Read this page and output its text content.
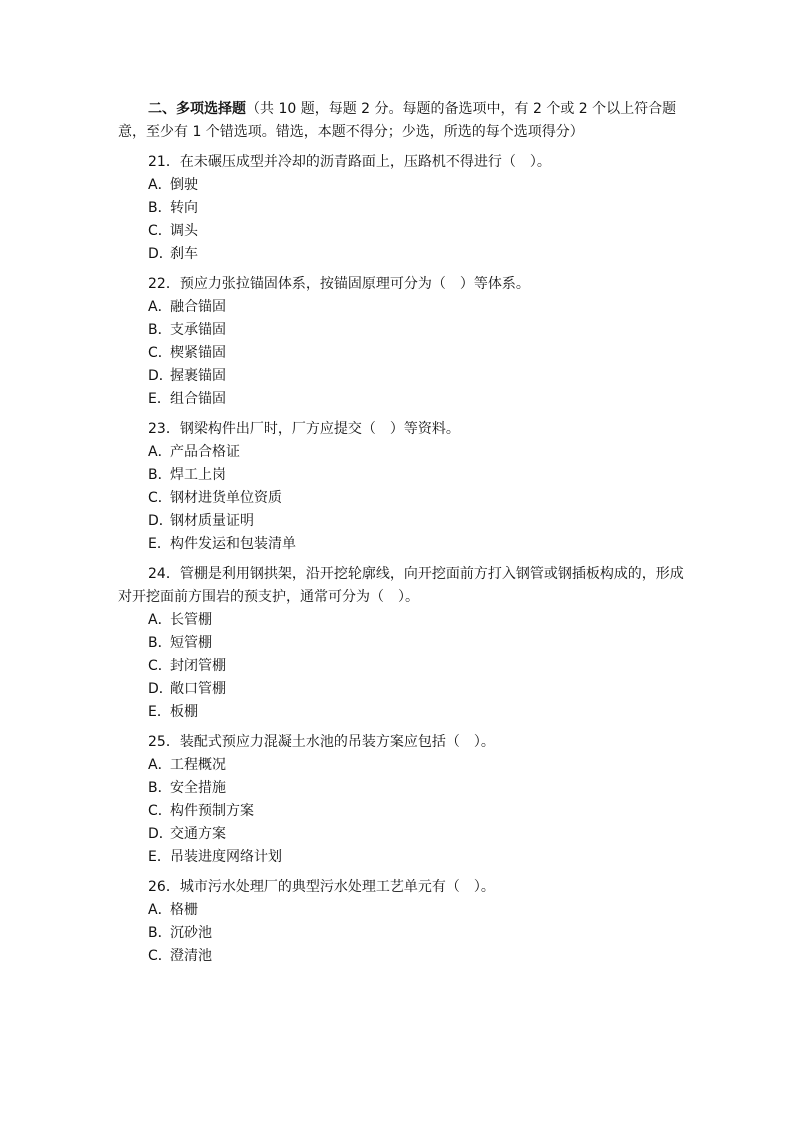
二、多项选择题（共 10 题，每题 2 分。每题的备选项中，有 2 个或 2 个以上符合题意，至少有 1 个错选项。错选，本题不得分；少选，所选的每个选项得分）
21．在未碾压成型并冷却的沥青路面上，压路机不得进行（　）。
A．倒驶
B．转向
C．调头
D．刹车
22．预应力张拉锚固体系，按锚固原理可分为（　）等体系。
A．融合锚固
B．支承锚固
C．楔紧锚固
D．握裹锚固
E．组合锚固
23．钢梁构件出厂时，厂方应提交（　）等资料。
A．产品合格证
B．焊工上岗
C．钢材进货单位资质
D．钢材质量证明
E．构件发运和包装清单
24．管棚是利用钢拱架，沿开挖轮廓线，向开挖面前方打入钢管或钢插板构成的，形成对开挖面前方围岩的预支护，通常可分为（　）。
A．长管棚
B．短管棚
C．封闭管棚
D．敞口管棚
E．板棚
25．装配式预应力混凝土水池的吊装方案应包括（　）。
A．工程概况
B．安全措施
C．构件预制方案
D．交通方案
E．吊装进度网络计划
26．城市污水处理厂的典型污水处理工艺单元有（　）。
A．格栅
B．沉砂池
C．澄清池
